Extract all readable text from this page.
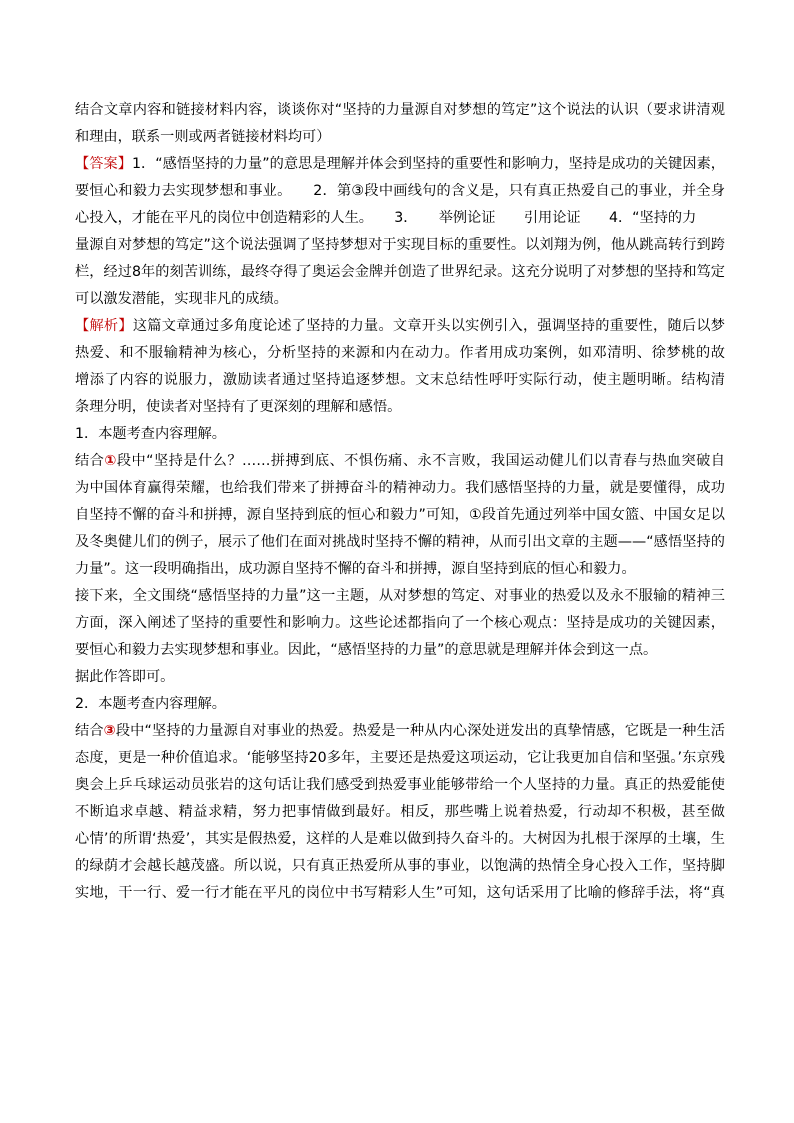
结合文章内容和链接材料内容，谈谈你对“坚持的力量源自对梦想的笃定”这个说法的认识（要求讲清观
和理由，联系一则或两者链接材料均可）
【答案】1．“感悟坚持的力量”的意思是理解并体会到坚持的重要性和影响力，坚持是成功的关键因素，
要恒心和毅力去实现梦想和事业。　　2．第③段中画线句的含义是，只有真正热爱自己的事业，并全身
心投入，才能在平凡的岗位中创造精彩的人生。　　3．　　举例论证　　引用论证　　4．“坚持的力
量源自对梦想的笃定”这个说法强调了坚持梦想对于实现目标的重要性。以刘翔为例，他从跳高转行到跨
栏，经过8年的刻苦训练，最终夺得了奥运会金牌并创造了世界纪录。这充分说明了对梦想的坚持和笃定
可以激发潜能，实现非凡的成绩。
【解析】这篇文章通过多角度论述了坚持的力量。文章开头以实例引入，强调坚持的重要性，随后以梦
热爱、和不服输精神为核心，分析坚持的来源和内在动力。作者用成功案例，如邓清明、徐梦桃的故
增添了内容的说服力，激励读者通过坚持追逐梦想。文末总结性呼吁实际行动，使主题明晰。结构清
条理分明，使读者对坚持有了更深刻的理解和感悟。
1．本题考查内容理解。
结合①段中“坚持是什么？……拼搏到底、不惧伤痛、永不言败，我国运动健儿们以青春与热血突破自
为中国体育赢得荣耀，也给我们带来了拼搏奋斗的精神动力。我们感悟坚持的力量，就是要懂得，成功
自坚持不懈的奋斗和拼搏，源自坚持到底的恒心和毅力”可知，①段首先通过列举中国女篮、中国女足以
及冬奥健儿们的例子，展示了他们在面对挑战时坚持不懈的精神，从而引出文章的主题——“感悟坚持的
力量”。这一段明确指出，成功源自坚持不懈的奋斗和拼搏，源自坚持到底的恒心和毅力。
接下来，全文围绕“感悟坚持的力量”这一主题，从对梦想的笃定、对事业的热爱以及永不服输的精神三
方面，深入阐述了坚持的重要性和影响力。这些论述都指向了一个核心观点：坚持是成功的关键因素，
要恒心和毅力去实现梦想和事业。因此，“感悟坚持的力量”的意思就是理解并体会到这一点。
据此作答即可。
2．本题考查内容理解。
结合③段中“坚持的力量源自对事业的热爱。热爱是一种从内心深处迸发出的真挚情感，它既是一种生活
态度，更是一种价值追求。‘能够坚持20多年，主要还是热爱这项运动，它让我更加自信和坚强。’东京残
奥会上乒乓球运动员张岩的这句话让我们感受到热爱事业能够带给一个人坚持的力量。真正的热爱能使
不断追求卓越、精益求精，努力把事情做到最好。相反，那些嘴上说着热爱，行动却不积极，甚至做
心情’的所谓‘热爱’，其实是假热爱，这样的人是难以做到持久奋斗的。大树因为扎根于深厚的土壤，生
的绿荫才会越长越茂盛。所以说，只有真正热爱所从事的事业，以饱满的热情全身心投入工作，坚持脚
实地，干一行、爱一行才能在平凡的岗位中书写精彩人生”可知，这句话采用了比喻的修辞手法，将“真
